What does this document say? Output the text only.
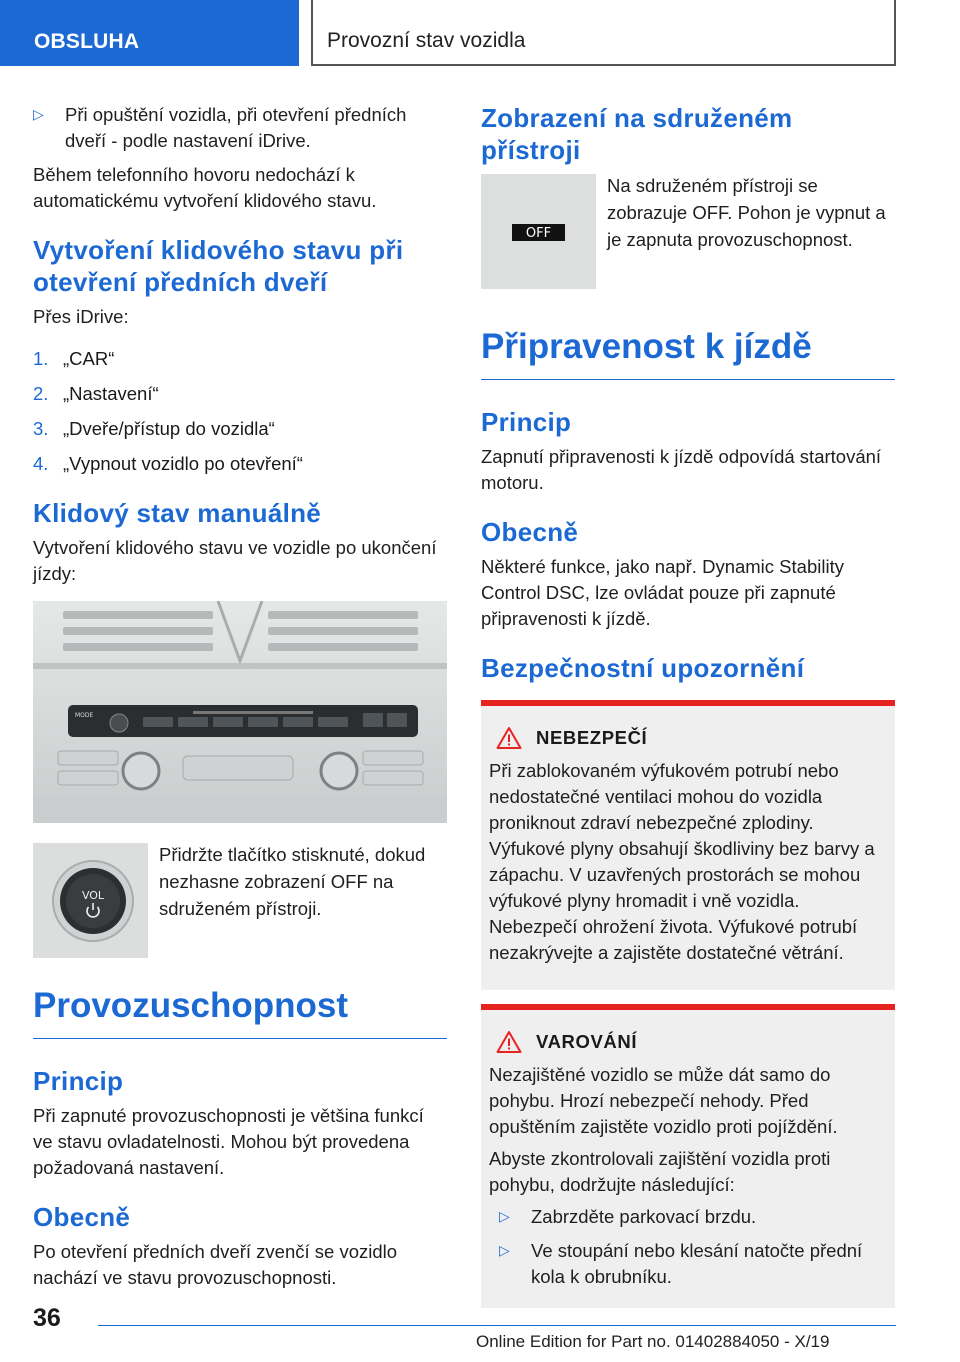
OBSLUHA	Provozní stav vozidla
▷	Při opuštění vozidla, při otevření předních dveří - podle nastavení iDrive.

Během telefonního hovoru nedochází k automatickému vytvoření klidového stavu.

Vytvoření klidového stavu při otevření předních dveří

Přes iDrive:

1. „CAR“
2. „Nastavení“
3. „Dveře/přístup do vozidla“
4. „Vypnout vozidlo po otevření“
Klidový stav manuálně

Vytvoření klidového stavu ve vozidle po ukončení jízdy:

MODE
VOL
Přidržte tlačítko stisknuté, dokud nezhasne zobrazení OFF na sdruženém přístroji.
Provozuschopnost
Princip

Při zapnuté provozuschopnosti je většina funkcí ve stavu ovladatelnosti. Mohou být provedena požadovaná nastavení.

Obecně

Po otevření předních dveří zvenčí se vozidlo nachází ve stavu provozuschopnosti.

Zobrazení na sdruženém přístroji
OFF
Na sdruženém přístroji se zobrazuje OFF. Pohon je vypnut a je zapnuta provozuschopnost.
Připravenost k jízdě
Princip

Zapnutí připravenosti k jízdě odpovídá startování motoru.

Obecně

Některé funkce, jako např. Dynamic Stability Control DSC, lze ovládat pouze při zapnuté připravenosti k jízdě.

Bezpečnostní upozornění
NEBEZPEČÍ

Při zablokovaném výfukovém potrubí nebo nedostatečné ventilaci mohou do vozidla proniknout zdraví nebezpečné zplodiny. Výfukové plyny obsahují škodliviny bez barvy a zápachu. V uzavřených prostorách se mohou výfukové plyny hromadit i vně vozidla. Nebezpečí ohrožení života. Výfukové potrubí nezakrývejte a zajistěte dostatečné větrání.

VAROVÁNÍ

Nezajištěné vozidlo se může dát samo do pohybu. Hrozí nebezpečí nehody. Před opuštěním zajistěte vozidlo proti pojíždění.

Abyste zkontrolovali zajištění vozidla proti pohybu, dodržujte následující:

▷	Zabrzděte parkovací brzdu.
▷	Ve stoupání nebo klesání natočte přední kola k obrubníku.
36
Online Edition for Part no. 01402884050 - X/19
